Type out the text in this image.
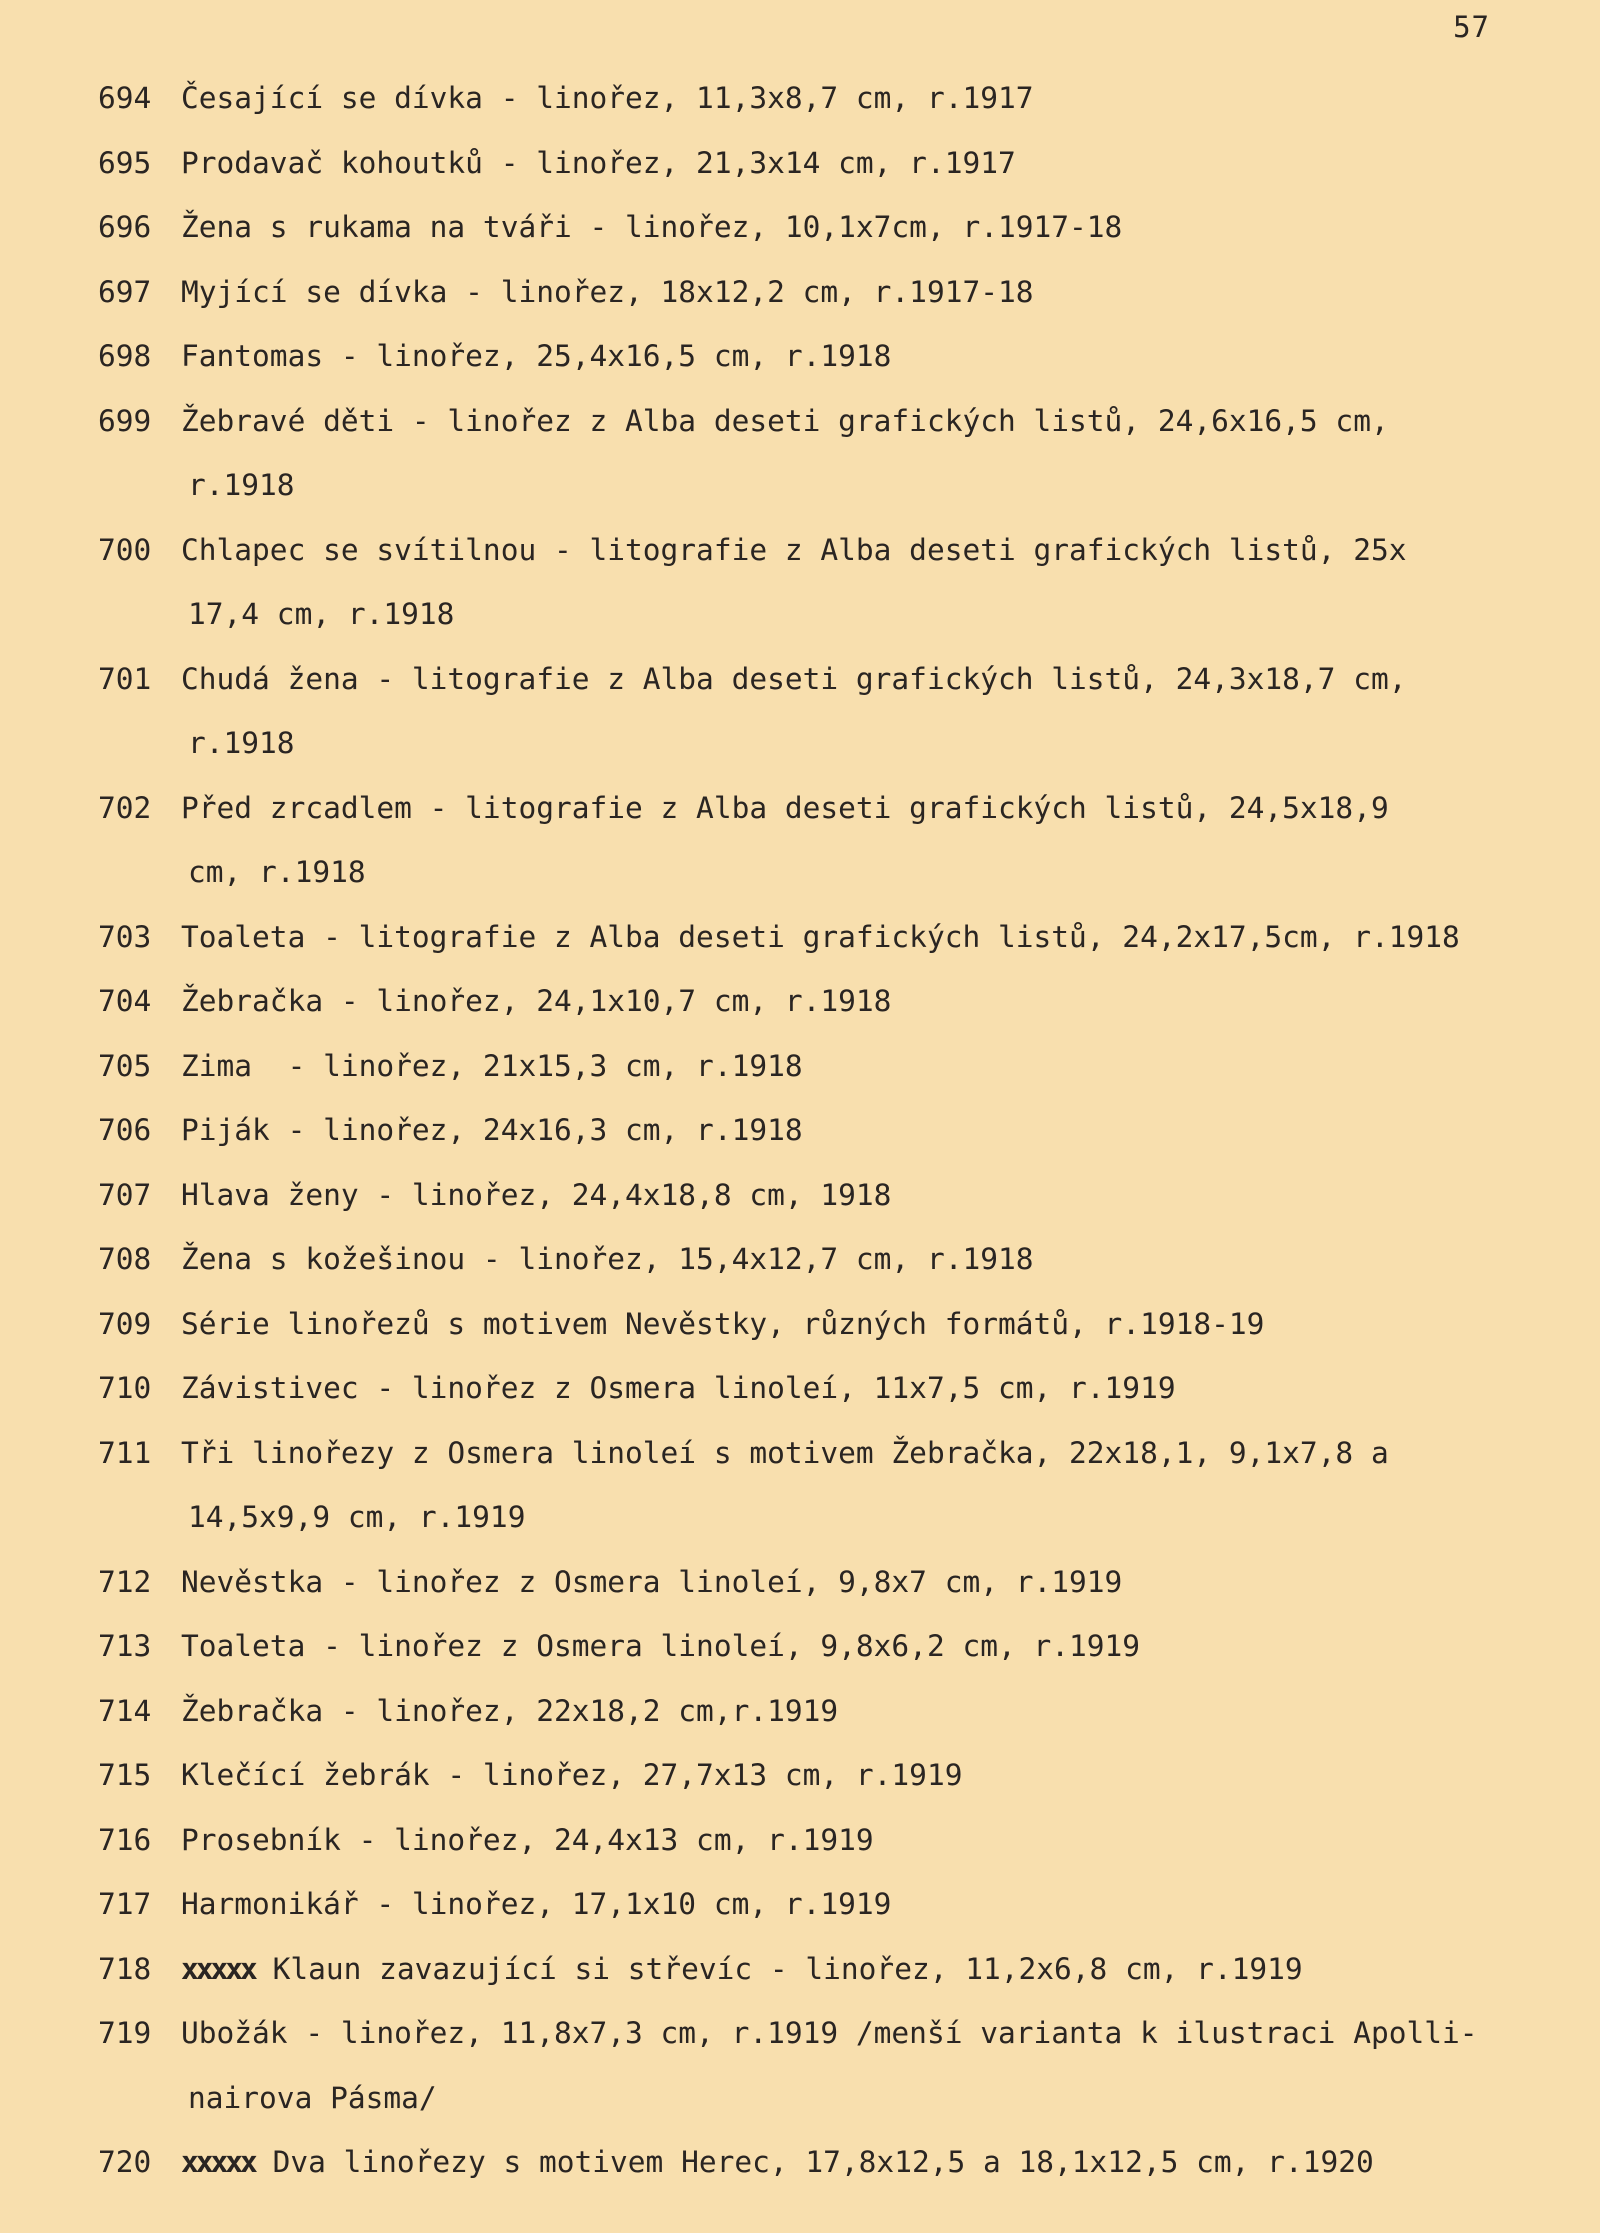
57
694 Česající se dívka - linořez, 11,3x8,7 cm, r.1917
695 Prodavač kohoutků - linořez, 21,3x14 cm, r.1917
696 Žena s rukama na tváři - linořez, 10,1x7cm, r.1917-18
697 Myjící se dívka - linořez, 18x12,2 cm, r.1917-18
698 Fantomas - linořez, 25,4x16,5 cm, r.1918
699 Žebravé děti - linořez z Alba deseti grafických listů, 24,6x16,5 cm,
r.1918
700 Chlapec se svítilnou - litografie z Alba deseti grafických listů, 25x
17,4 cm, r.1918
701 Chudá žena - litografie z Alba deseti grafických listů, 24,3x18,7 cm,
r.1918
702 Před zrcadlem - litografie z Alba deseti grafických listů, 24,5x18,9
cm, r.1918
703 Toaleta - litografie z Alba deseti grafických listů, 24,2x17,5cm, r.1918
704 Žebračka - linořez, 24,1x10,7 cm, r.1918
705 Zima  - linořez, 21x15,3 cm, r.1918
706 Piják - linořez, 24x16,3 cm, r.1918
707 Hlava ženy - linořez, 24,4x18,8 cm, 1918
708 Žena s kožešinou - linořez, 15,4x12,7 cm, r.1918
709 Série linořezů s motivem Nevěstky, různých formátů, r.1918-19
710 Závistivec - linořez z Osmera linoleí, 11x7,5 cm, r.1919
711 Tři linořezy z Osmera linoleí s motivem Žebračka, 22x18,1, 9,1x7,8 a
14,5x9,9 cm, r.1919
712 Nevěstka - linořez z Osmera linoleí, 9,8x7 cm, r.1919
713 Toaleta - linořez z Osmera linoleí, 9,8x6,2 cm, r.1919
714 Žebračka - linořez, 22x18,2 cm,r.1919
715 Klečící žebrák - linořez, 27,7x13 cm, r.1919
716 Prosebník - linořez, 24,4x13 cm, r.1919
717 Harmonikář - linořez, 17,1x10 cm, r.1919
718 xxxxx Klaun zavazující si střevíc - linořez, 11,2x6,8 cm, r.1919
719 Ubožák - linořez, 11,8x7,3 cm, r.1919 /menší varianta k ilustraci Apolli-
nairova Pásma/
720 xxxxx Dva linořezy s motivem Herec, 17,8x12,5 a 18,1x12,5 cm, r.1920
